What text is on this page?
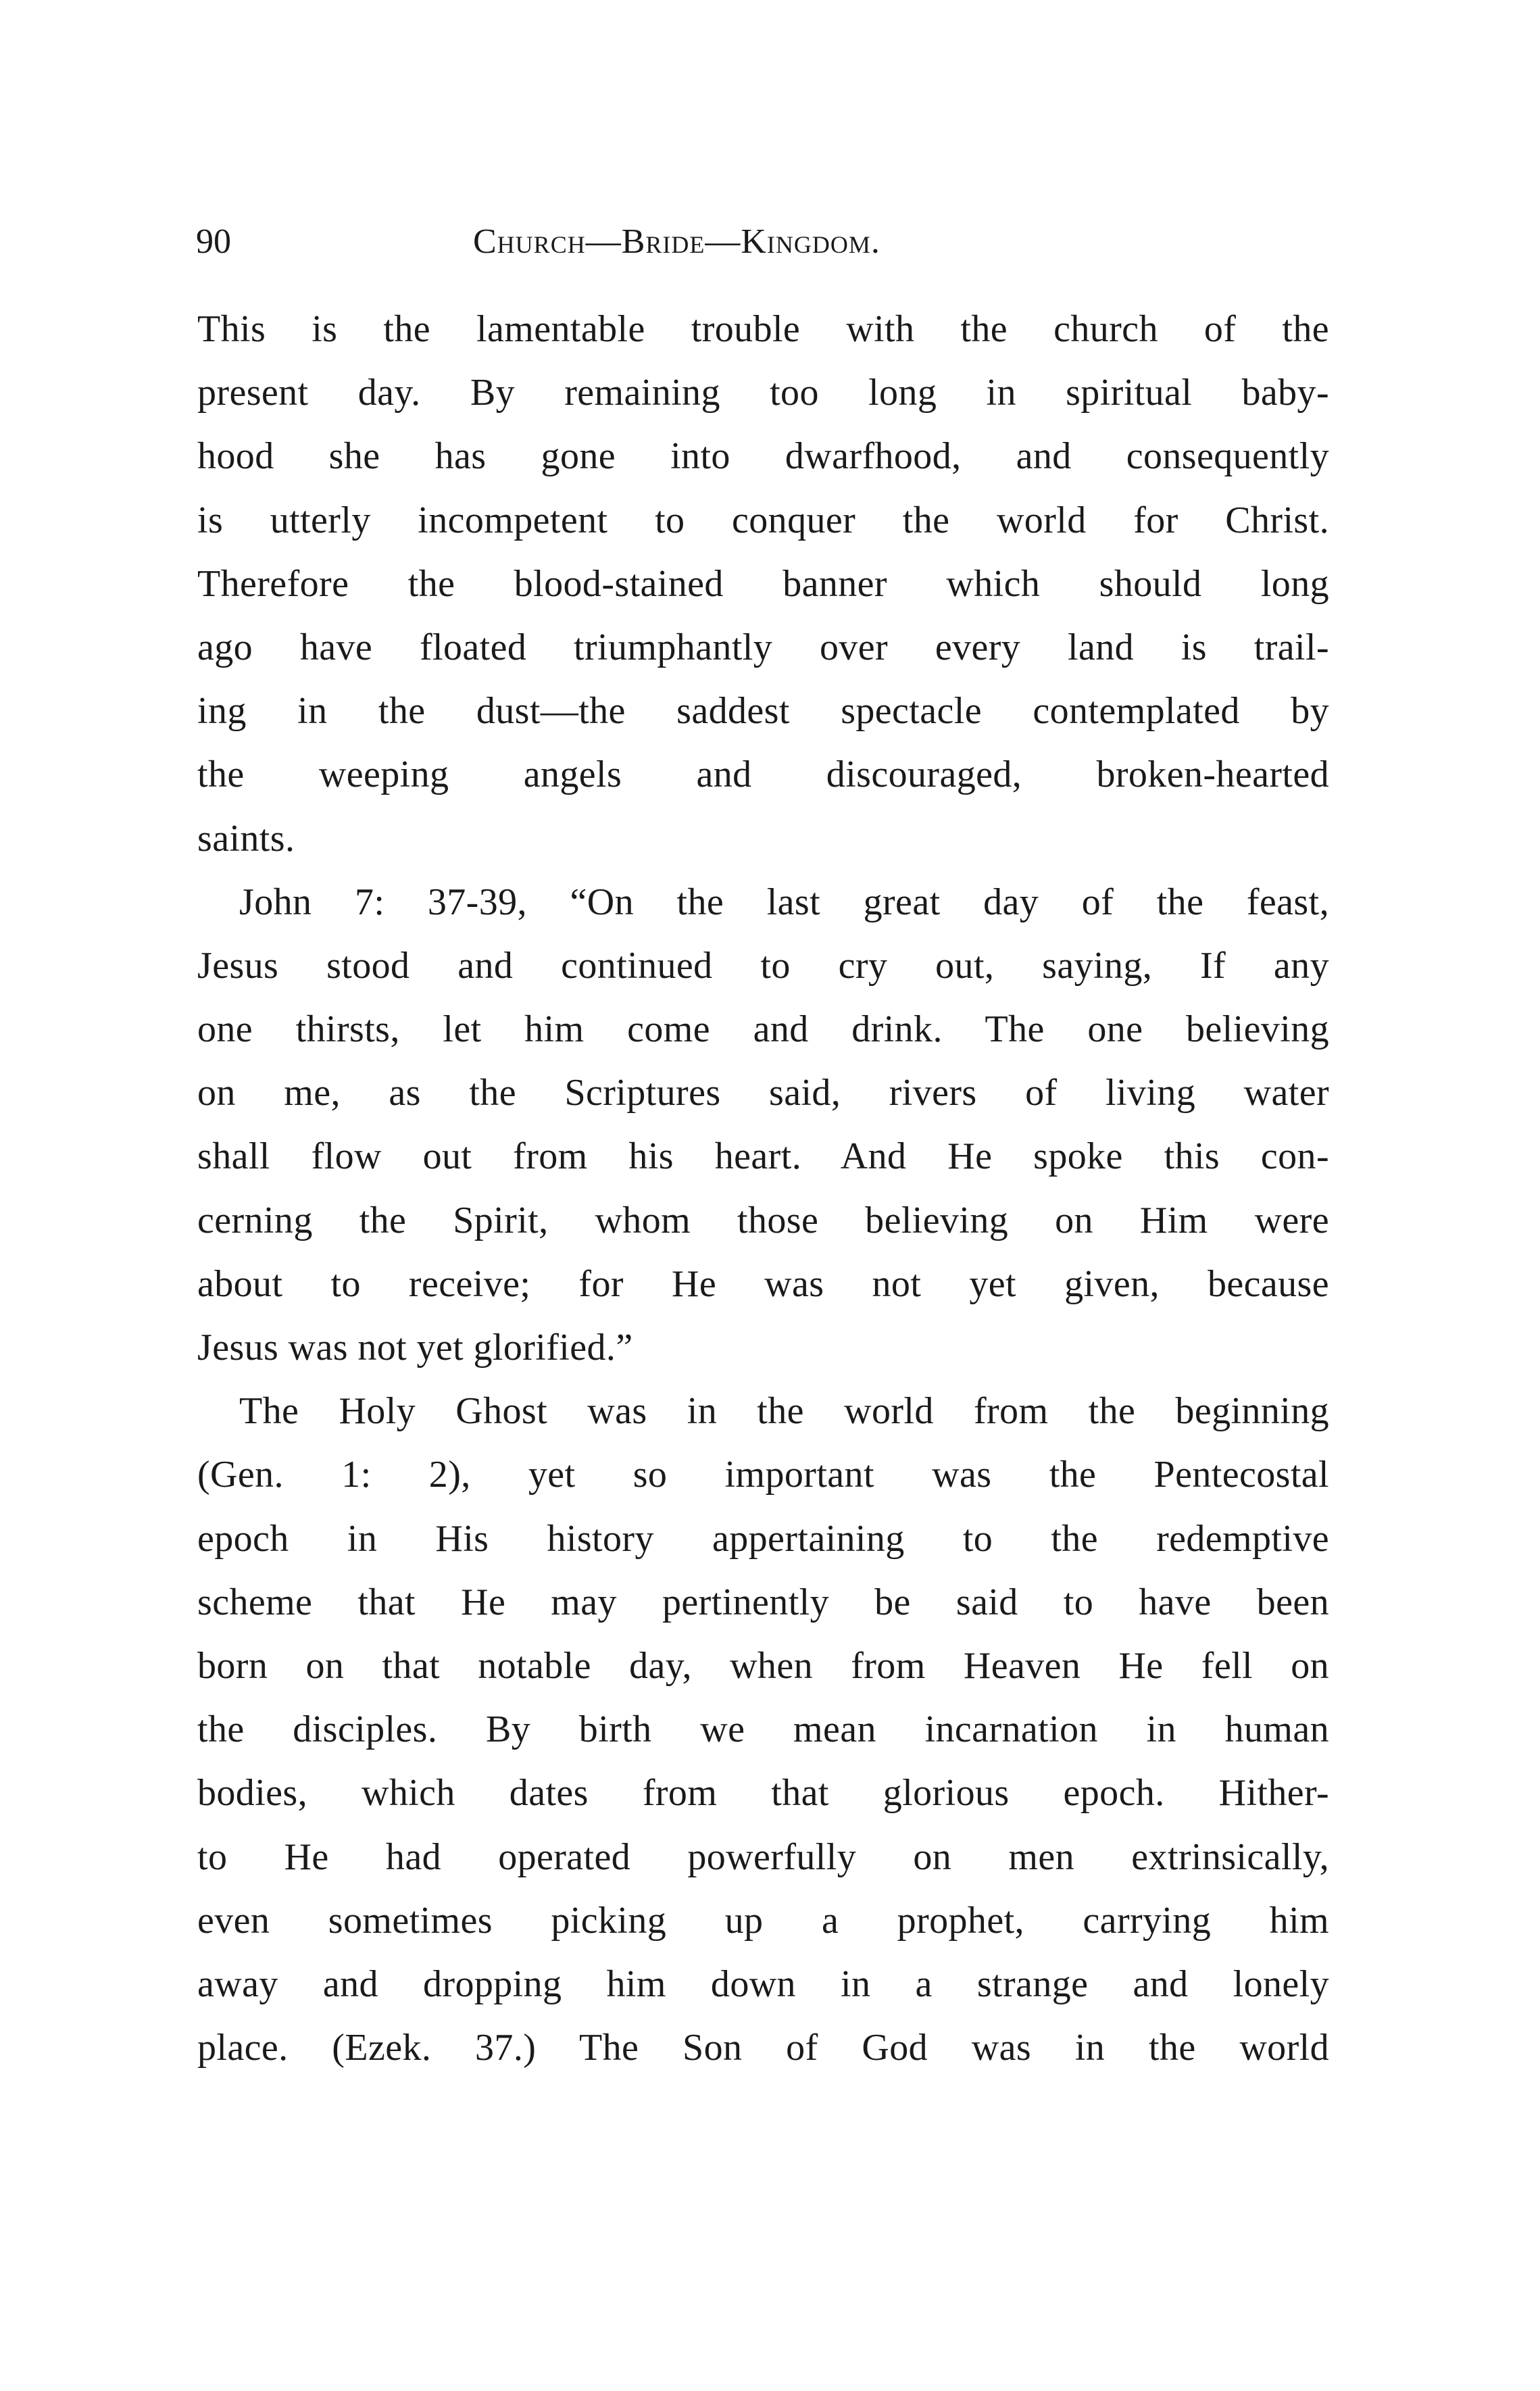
90	Church—Bride—Kingdom.
This is the lamentable trouble with the church of the
present day. By remaining too long in spiritual baby-
hood she has gone into dwarfhood, and consequently
is utterly incompetent to conquer the world for Christ.
Therefore the blood-stained banner which should long
ago have floated triumphantly over every land is trail-
ing in the dust—the saddest spectacle contemplated by
the weeping angels and discouraged, broken-hearted
saints.
John 7: 37-39, “On the last great day of the feast,
Jesus stood and continued to cry out, saying, If any
one thirsts, let him come and drink. The one believing
on me, as the Scriptures said, rivers of living water
shall flow out from his heart. And He spoke this con-
cerning the Spirit, whom those believing on Him were
about to receive; for He was not yet given, because
Jesus was not yet glorified.”
The Holy Ghost was in the world from the beginning
(Gen. 1: 2), yet so important was the Pentecostal
epoch in His history appertaining to the redemptive
scheme that He may pertinently be said to have been
born on that notable day, when from Heaven He fell on
the disciples. By birth we mean incarnation in human
bodies, which dates from that glorious epoch. Hither-
to He had operated powerfully on men extrinsically,
even sometimes picking up a prophet, carrying him
away and dropping him down in a strange and lonely
place. (Ezek. 37.) The Son of God was in the world
